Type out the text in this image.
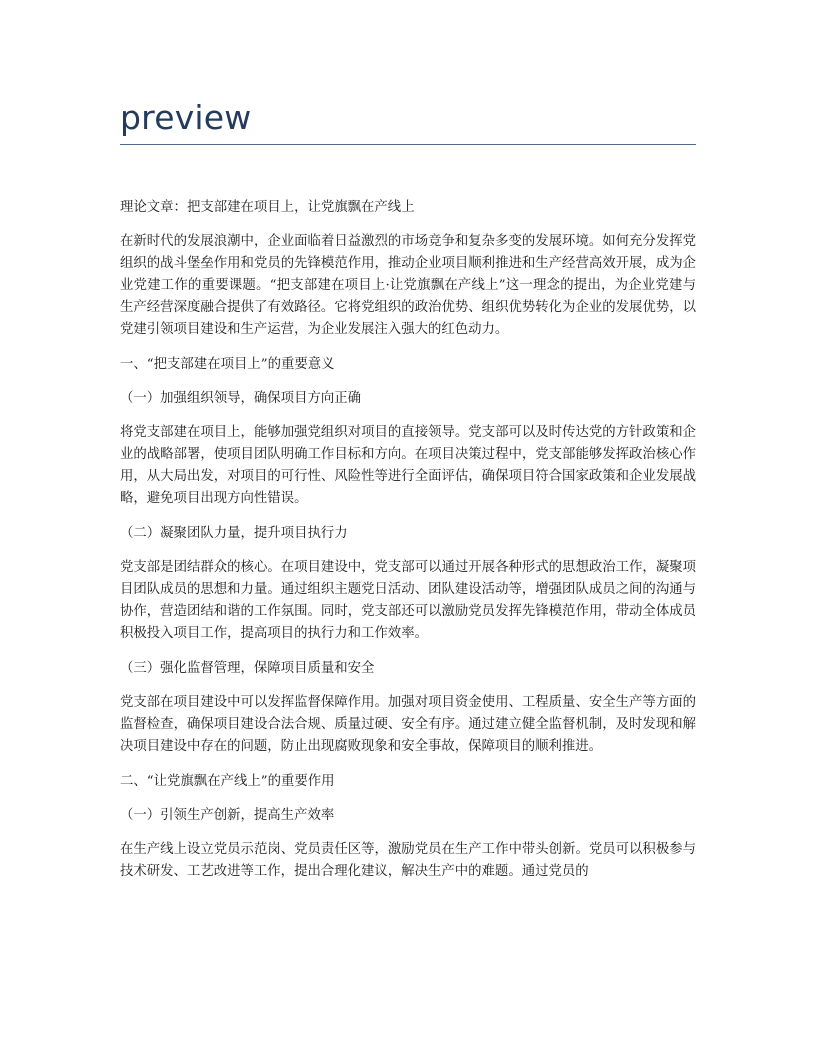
preview

理论文章：把支部建在项目上，让党旗飘在产线上

在新时代的发展浪潮中，企业面临着日益激烈的市场竞争和复杂多变的发展环境。如何充分发挥党组织的战斗堡垒作用和党员的先锋模范作用，推动企业项目顺利推进和生产经营高效开展，成为企业党建工作的重要课题。“把支部建在项目上·让党旗飘在产线上”这一理念的提出，为企业党建与生产经营深度融合提供了有效路径。它将党组织的政治优势、组织优势转化为企业的发展优势，以党建引领项目建设和生产运营，为企业发展注入强大的红色动力。

一、“把支部建在项目上”的重要意义

（一）加强组织领导，确保项目方向正确

将党支部建在项目上，能够加强党组织对项目的直接领导。党支部可以及时传达党的方针政策和企业的战略部署，使项目团队明确工作目标和方向。在项目决策过程中，党支部能够发挥政治核心作用，从大局出发，对项目的可行性、风险性等进行全面评估，确保项目符合国家政策和企业发展战略，避免项目出现方向性错误。

（二）凝聚团队力量，提升项目执行力

党支部是团结群众的核心。在项目建设中，党支部可以通过开展各种形式的思想政治工作，凝聚项目团队成员的思想和力量。通过组织主题党日活动、团队建设活动等，增强团队成员之间的沟通与协作，营造团结和谐的工作氛围。同时，党支部还可以激励党员发挥先锋模范作用，带动全体成员积极投入项目工作，提高项目的执行力和工作效率。

（三）强化监督管理，保障项目质量和安全

党支部在项目建设中可以发挥监督保障作用。加强对项目资金使用、工程质量、安全生产等方面的监督检查，确保项目建设合法合规、质量过硬、安全有序。通过建立健全监督机制，及时发现和解决项目建设中存在的问题，防止出现腐败现象和安全事故，保障项目的顺利推进。

二、“让党旗飘在产线上”的重要作用

（一）引领生产创新，提高生产效率

在生产线上设立党员示范岗、党员责任区等，激励党员在生产工作中带头创新。党员可以积极参与技术研发、工艺改进等工作，提出合理化建议，解决生产中的难题。通过党员的
